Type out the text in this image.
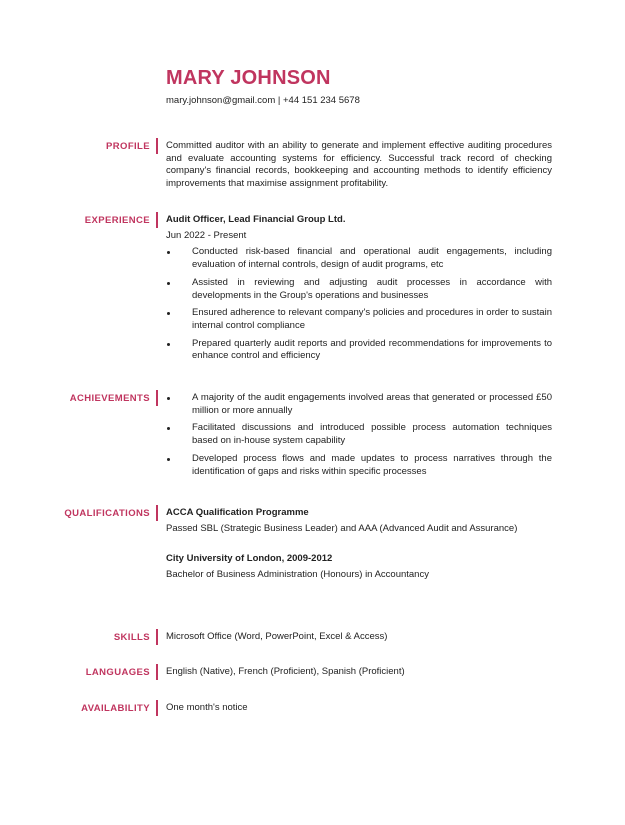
MARY JOHNSON
mary.johnson@gmail.com | +44 151 234 5678
PROFILE Committed auditor with an ability to generate and implement effective auditing procedures and evaluate accounting systems for efficiency. Successful track record of checking company's financial records, bookkeeping and accounting methods to identify efficiency improvements that maximise assignment profitability.
EXPERIENCE Audit Officer, Lead Financial Group Ltd.
Jun 2022 - Present
Conducted risk-based financial and operational audit engagements, including evaluation of internal controls, design of audit programs, etc
Assisted in reviewing and adjusting audit processes in accordance with developments in the Group's operations and businesses
Ensured adherence to relevant company's policies and procedures in order to sustain internal control compliance
Prepared quarterly audit reports and provided recommendations for improvements to enhance control and efficiency
ACHIEVEMENTS	A majority of the audit engagements involved areas that generated or processed £50 million or more annually
Facilitated discussions and introduced possible process automation techniques based on in-house system capability
Developed process flows and made updates to process narratives through the identification of gaps and risks within specific processes
QUALIFICATIONS ACCA Qualification Programme
Passed SBL (Strategic Business Leader) and AAA (Advanced Audit and Assurance)
City University of London, 2009-2012
Bachelor of Business Administration (Honours) in Accountancy
SKILLS Microsoft Office (Word, PowerPoint, Excel & Access)
LANGUAGES English (Native), French (Proficient), Spanish (Proficient)
AVAILABILITY One month's notice
